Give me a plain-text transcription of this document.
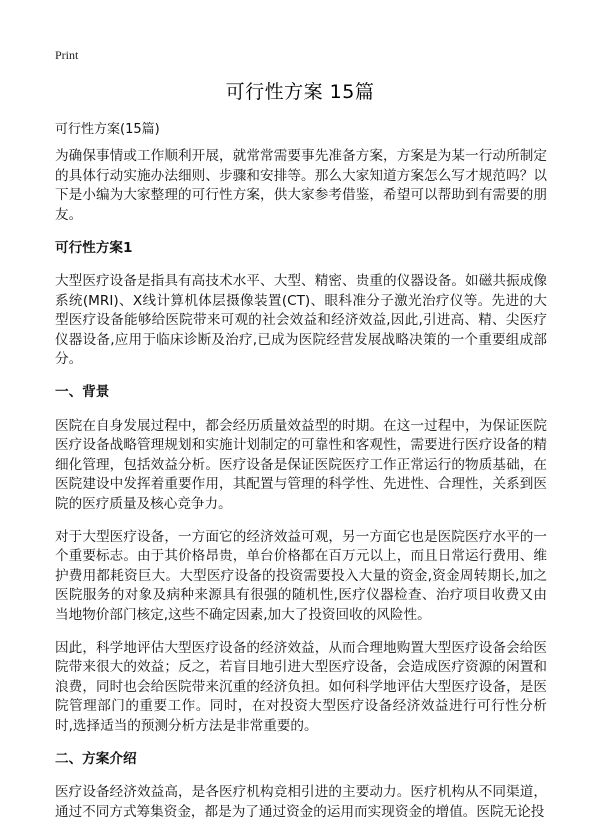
Print
可行性方案 15篇

可行性方案(15篇)

为确保事情或工作顺利开展，就常常需要事先准备方案，方案是为某一行动所制定的具体行动实施办法细则、步骤和安排等。那么大家知道方案怎么写才规范吗？以下是小编为大家整理的可行性方案，供大家参考借鉴，希望可以帮助到有需要的朋友。

可行性方案1

大型医疗设备是指具有高技术水平、大型、精密、贵重的仪器设备。如磁共振成像系统(MRI)、X线计算机体层摄像装置(CT)、眼科准分子激光治疗仪等。先进的大型医疗设备能够给医院带来可观的社会效益和经济效益,因此,引进高、精、尖医疗仪器设备,应用于临床诊断及治疗,已成为医院经营发展战略决策的一个重要组成部分。

一、背景

医院在自身发展过程中，都会经历质量效益型的时期。在这一过程中，为保证医院医疗设备战略管理规划和实施计划制定的可靠性和客观性，需要进行医疗设备的精细化管理，包括效益分析。医疗设备是保证医院医疗工作正常运行的物质基础，在医院建设中发挥着重要作用，其配置与管理的科学性、先进性、合理性，关系到医院的医疗质量及核心竞争力。

对于大型医疗设备，一方面它的经济效益可观，另一方面它也是医院医疗水平的一个重要标志。由于其价格昂贵，单台价格都在百万元以上，而且日常运行费用、维护费用都耗资巨大。大型医疗设备的投资需要投入大量的资金,资金周转期长,加之医院服务的对象及病种来源具有很强的随机性,医疗仪器检查、治疗项目收费又由当地物价部门核定,这些不确定因素,加大了投资回收的风险性。

因此，科学地评估大型医疗设备的经济效益，从而合理地购置大型医疗设备会给医院带来很大的效益；反之，若盲目地引进大型医疗设备，会造成医疗资源的闲置和浪费，同时也会给医院带来沉重的经济负担。如何科学地评估大型医疗设备，是医院管理部门的重要工作。同时，在对投资大型医疗设备经济效益进行可行性分析时,选择适当的预测分析方法是非常重要的。

二、方案介绍

医疗设备经济效益高，是各医疗机构竞相引进的主要动力。医疗机构从不同渠道，通过不同方式筹集资金，都是为了通过资金的运用而实现资金的增值。医院无论投
